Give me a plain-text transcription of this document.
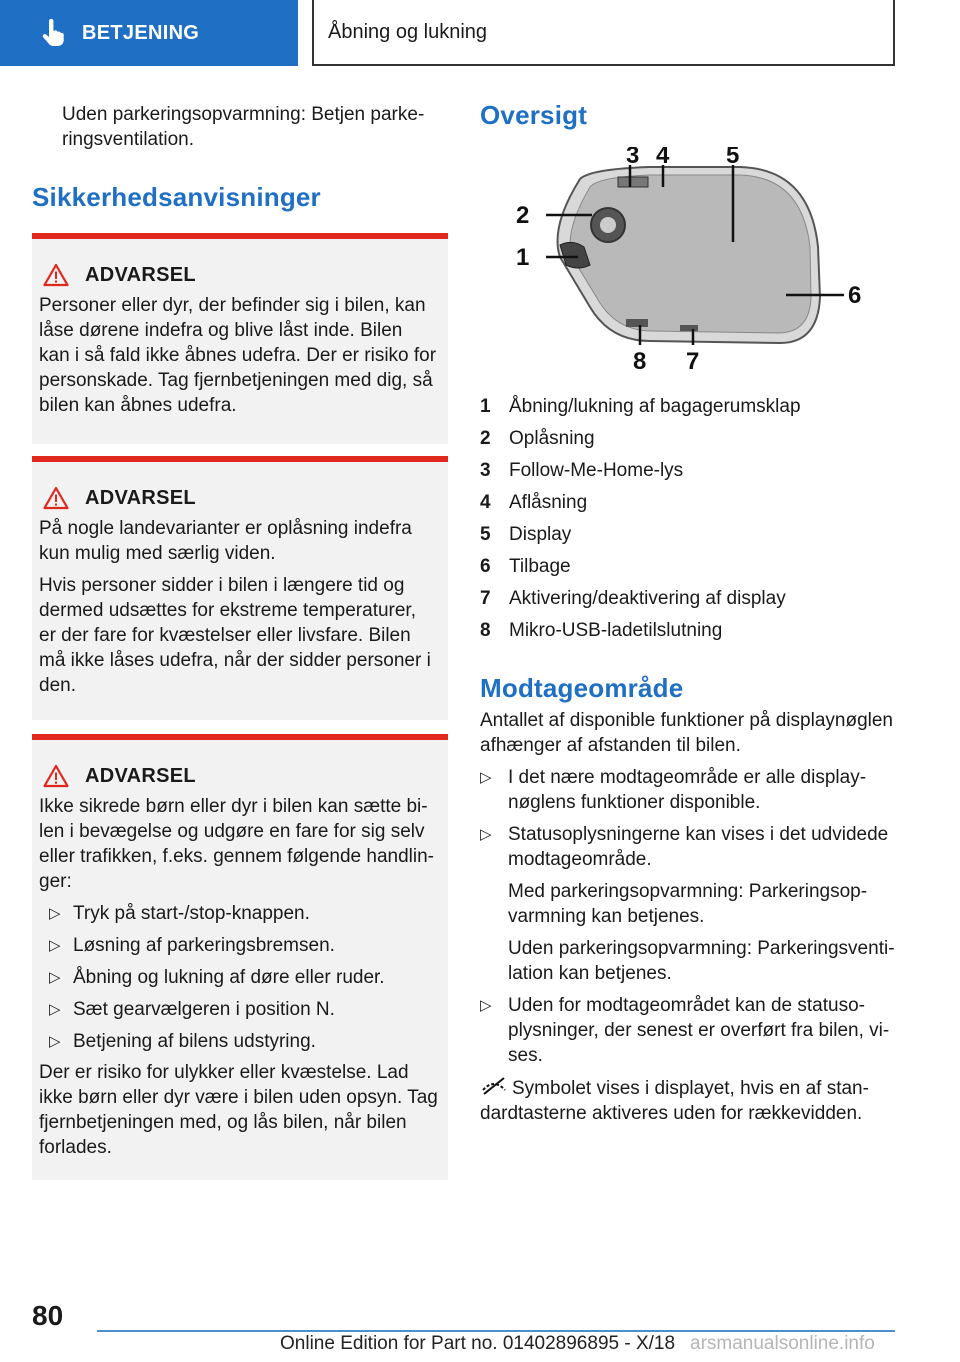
BETJENING	Åbning og lukning

Uden parkeringsopvarmning: Betjen parkeringsventilation.

Sikkerhedsanvisninger
ADVARSEL

Personer eller dyr, der befinder sig i bilen, kan låse dørene indefra og blive låst inde. Bilen kan i så fald ikke åbnes udefra. Der er risiko for personskade. Tag fjernbetjeningen med dig, så bilen kan åbnes udefra.

ADVARSEL

På nogle landevarianter er oplåsning indefra kun mulig med særlig viden.

Hvis personer sidder i bilen i længere tid og dermed udsættes for ekstreme temperaturer, er der fare for kvæstelser eller livsfare. Bilen må ikke låses udefra, når der sidder personer i den.

ADVARSEL

Ikke sikrede børn eller dyr i bilen kan sætte bilen i bevægelse og udgøre en fare for sig selv eller trafikken, f.eks. gennem følgende handlinger:

▷ Tryk på start-/stop-knappen.
▷ Løsning af parkeringsbremsen.
▷ Åbning og lukning af døre eller ruder.
▷ Sæt gearvælgeren i position N.
▷ Betjening af bilens udstyring.

Der er risiko for ulykker eller kvæstelse. Lad ikke børn eller dyr være i bilen uden opsyn. Tag fjernbetjeningen med, og lås bilen, når bilen forlades.

Oversigt
3 4 5
2
1
6
8 7
1 Åbning/lukning af bagagerumsklap
2 Oplåsning
3 Follow-Me-Home-lys
4 Aflåsning
5 Display
6 Tilbage
7 Aktivering/deaktivering af display
8 Mikro-USB-ladetilslutning
Modtageområde

Antallet af disponible funktioner på displaynøglen afhænger af afstanden til bilen.

▷ I det nære modtageområde er alle displaynøglens funktioner disponible.
▷ Statusoplysningerne kan vises i det udvidede modtageområde.
Med parkeringsopvarmning: Parkeringsopvarmning kan betjenes.
Uden parkeringsopvarmning: Parkeringsventilation kan betjenes.
▷ Uden for modtageområdet kan de statusoplysninger, der senest er overført fra bilen, vises.

Symbolet vises i displayet, hvis en af standardtasterne aktiveres uden for rækkevidden.

80
Online Edition for Part no. 01402896895 - X/18 arsmanualsonline.info
